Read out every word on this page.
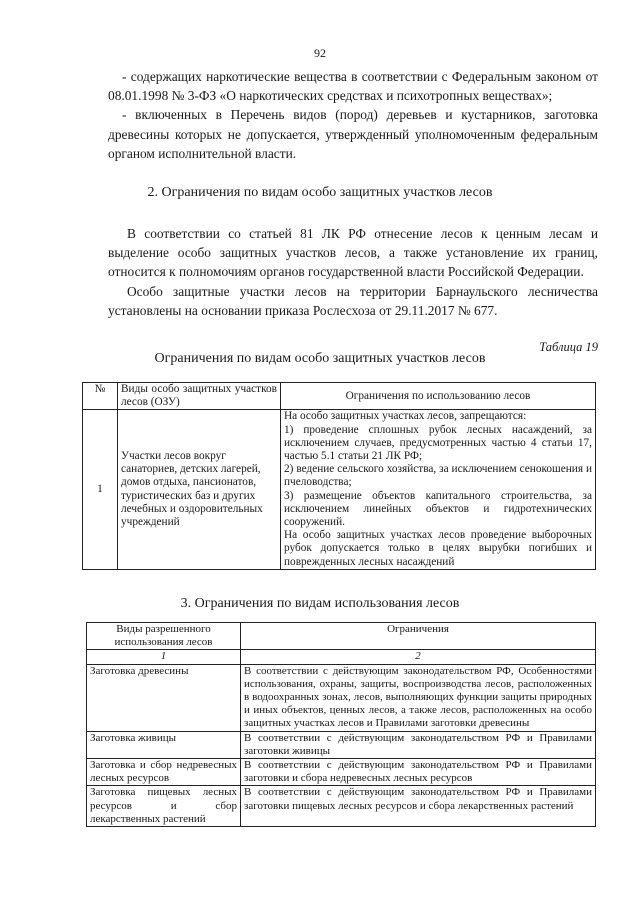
92

- содержащих наркотические вещества в соответствии с Федеральным законом от 08.01.1998 № 3-ФЗ «О наркотических средствах и психотропных веществах»;

- включенных в Перечень видов (пород) деревьев и кустарников, заготовка древесины которых не допускается, утвержденный уполномоченным федеральным органом исполнительной власти.

2. Ограничения по видам особо защитных участков лесов

В соответствии со статьей 81 ЛК РФ отнесение лесов к ценным лесам и выделение особо защитных участков лесов, а также установление их границ, относится к полномочиям органов государственной власти Российской Федерации.

Особо защитные участки лесов на территории Барнаульского лесничества установлены на основании приказа Рослесхоза от 29.11.2017 № 677.

Таблица 19
Ограничения по видам особо защитных участков лесов
№	Виды особо защитных участков лесов (ОЗУ)	Ограничения по использованию лесов
1	Участки лесов вокруг санаториев, детских лагерей, домов отдыха, пансионатов, туристических баз и других лечебных и оздоровительных учреждений	На особо защитных участках лесов, запрещаются:
1) проведение сплошных рубок лесных насаждений, за исключением случаев, предусмотренных частью 4 статьи 17, частью 5.1 статьи 21 ЛК РФ;
2) ведение сельского хозяйства, за исключением сенокошения и пчеловодства;
3) размещение объектов капитального строительства, за исключением линейных объектов и гидротехнических сооружений.
На особо защитных участках лесов проведение выборочных рубок допускается только в целях вырубки погибших и поврежденных лесных насаждений
3. Ограничения по видам использования лесов
Виды разрешенного использования лесов	Ограничения
1	2
Заготовка древесины	В соответствии с действующим законодательством РФ, Особенностями использования, охраны, защиты, воспроизводства лесов, расположенных в водоохранных зонах, лесов, выполняющих функции защиты природных и иных объектов, ценных лесов, а также лесов, расположенных на особо защитных участках лесов и Правилами заготовки древесины
Заготовка живицы	В соответствии с действующим законодательством РФ и Правилами заготовки живицы
Заготовка и сбор недревесных лесных ресурсов	В соответствии с действующим законодательством РФ и Правилами заготовки и сбора недревесных лесных ресурсов
Заготовка пищевых лесных ресурсов и сбор лекарственных растений	В соответствии с действующим законодательством РФ и Правилами заготовки пищевых лесных ресурсов и сбора лекарственных растений
